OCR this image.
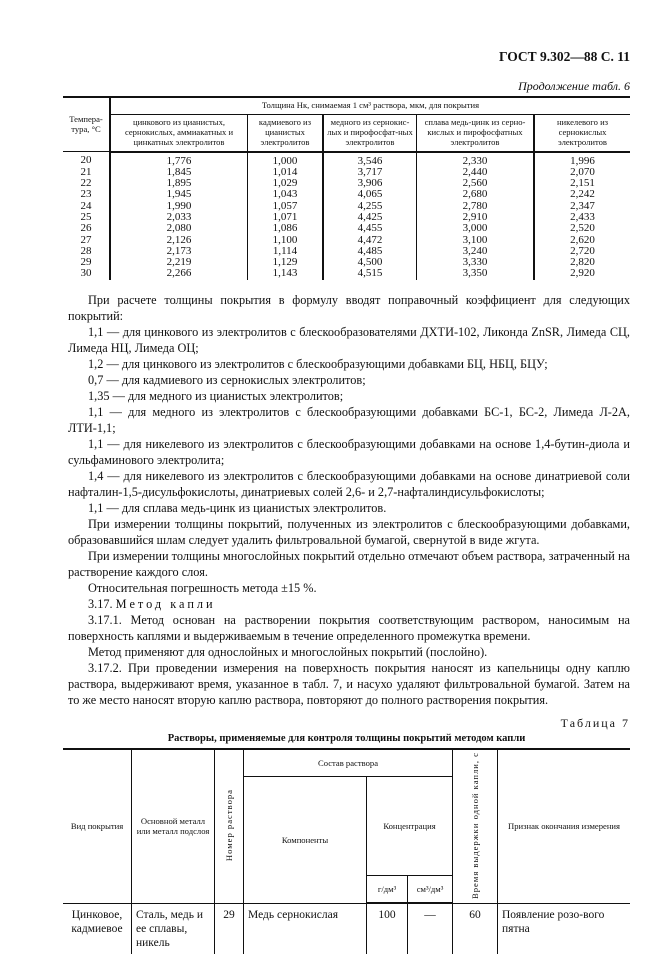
ГОСТ 9.302—88 С. 11
Продолжение табл. 6
Темпера-тура, °С	Толщина Нк, снимаемая 1 см³ раствора, мкм, для покрытия				
	цинкового из цианистых, сернокислых, аммиакатных и цинкатных электролитов	кадмиевого из цианистых электролитов	медного из сернокис-лых и пирофосфат-ных электролитов	сплава медь-цинк из серно-кислых и пирофосфатных электролитов	никелевого из сернокислых электролитов
20	1,776	1,000	3,546	2,330	1,996
21	1,845	1,014	3,717	2,440	2,070
22	1,895	1,029	3,906	2,560	2,151
23	1,945	1,043	4,065	2,680	2,242
24	1,990	1,057	4,255	2,780	2,347
25	2,033	1,071	4,425	2,910	2,433
26	2,080	1,086	4,455	3,000	2,520
27	2,126	1,100	4,472	3,100	2,620
28	2,173	1,114	4,485	3,240	2,720
29	2,219	1,129	4,500	3,330	2,820
30	2,266	1,143	4,515	3,350	2,920

При расчете толщины покрытия в формулу вводят поправочный коэффициент для следующих покрытий:

1,1 — для цинкового из электролитов с блескообразователями ДХТИ-102, Ликонда ZnSR, Лимеда СЦ, Лимеда НЦ, Лимеда ОЦ;

1,2 — для цинкового из электролитов с блескообразующими добавками БЦ, НБЦ, БЦУ;

0,7 — для кадмиевого из сернокислых электролитов;

1,35 — для медного из цианистых электролитов;

1,1 — для медного из электролитов с блескообразующими добавками БС-1, БС-2, Лимеда Л-2А, ЛТИ-1,1;

1,1 — для никелевого из электролитов с блескообразующими добавками на основе 1,4-бутин-диола и сульфаминового электролита;

1,4 — для никелевого из электролитов с блескообразующими добавками на основе динатриевой соли нафталин-1,5-дисульфокислоты, динатриевых солей 2,6- и 2,7-нафталиндисульфокислоты;

1,1 — для сплава медь-цинк из цианистых электролитов.

При измерении толщины покрытий, полученных из электролитов с блескообразующими добавками, образовавшийся шлам следует удалить фильтровальной бумагой, свернутой в виде жгута.

При измерении толщины многослойных покрытий отдельно отмечают объем раствора, затраченный на растворение каждого слоя.

Относительная погрешность метода ±15 %.

3.17. Метод капли

3.17.1. Метод основан на растворении покрытия соответствующим раствором, наносимым на поверхность каплями и выдерживаемым в течение определенного промежутка времени.

Метод применяют для однослойных и многослойных покрытий (послойно).

3.17.2. При проведении измерения на поверхность покрытия наносят из капельницы одну каплю раствора, выдерживают время, указанное в табл. 7, и насухо удаляют фильтровальной бумагой. Затем на то же место наносят вторую каплю раствора, повторяют до полного растворения покрытия.

Таблица 7
Растворы, применяемые для контроля толщины покрытий методом капли
Вид покрытия	Основной металл или металл подслоя	Номер раствора	Состав раствора			Время выдержки одной капли, с	Признак окончания измерения
			Компоненты	Концентрация			
				г/дм³	см³/дм³		
Цинковое, кадмиевое	Сталь, медь и ее сплавы, никель	29	Медь сернокислая	100	—	60	Появление розо-вого пятна
